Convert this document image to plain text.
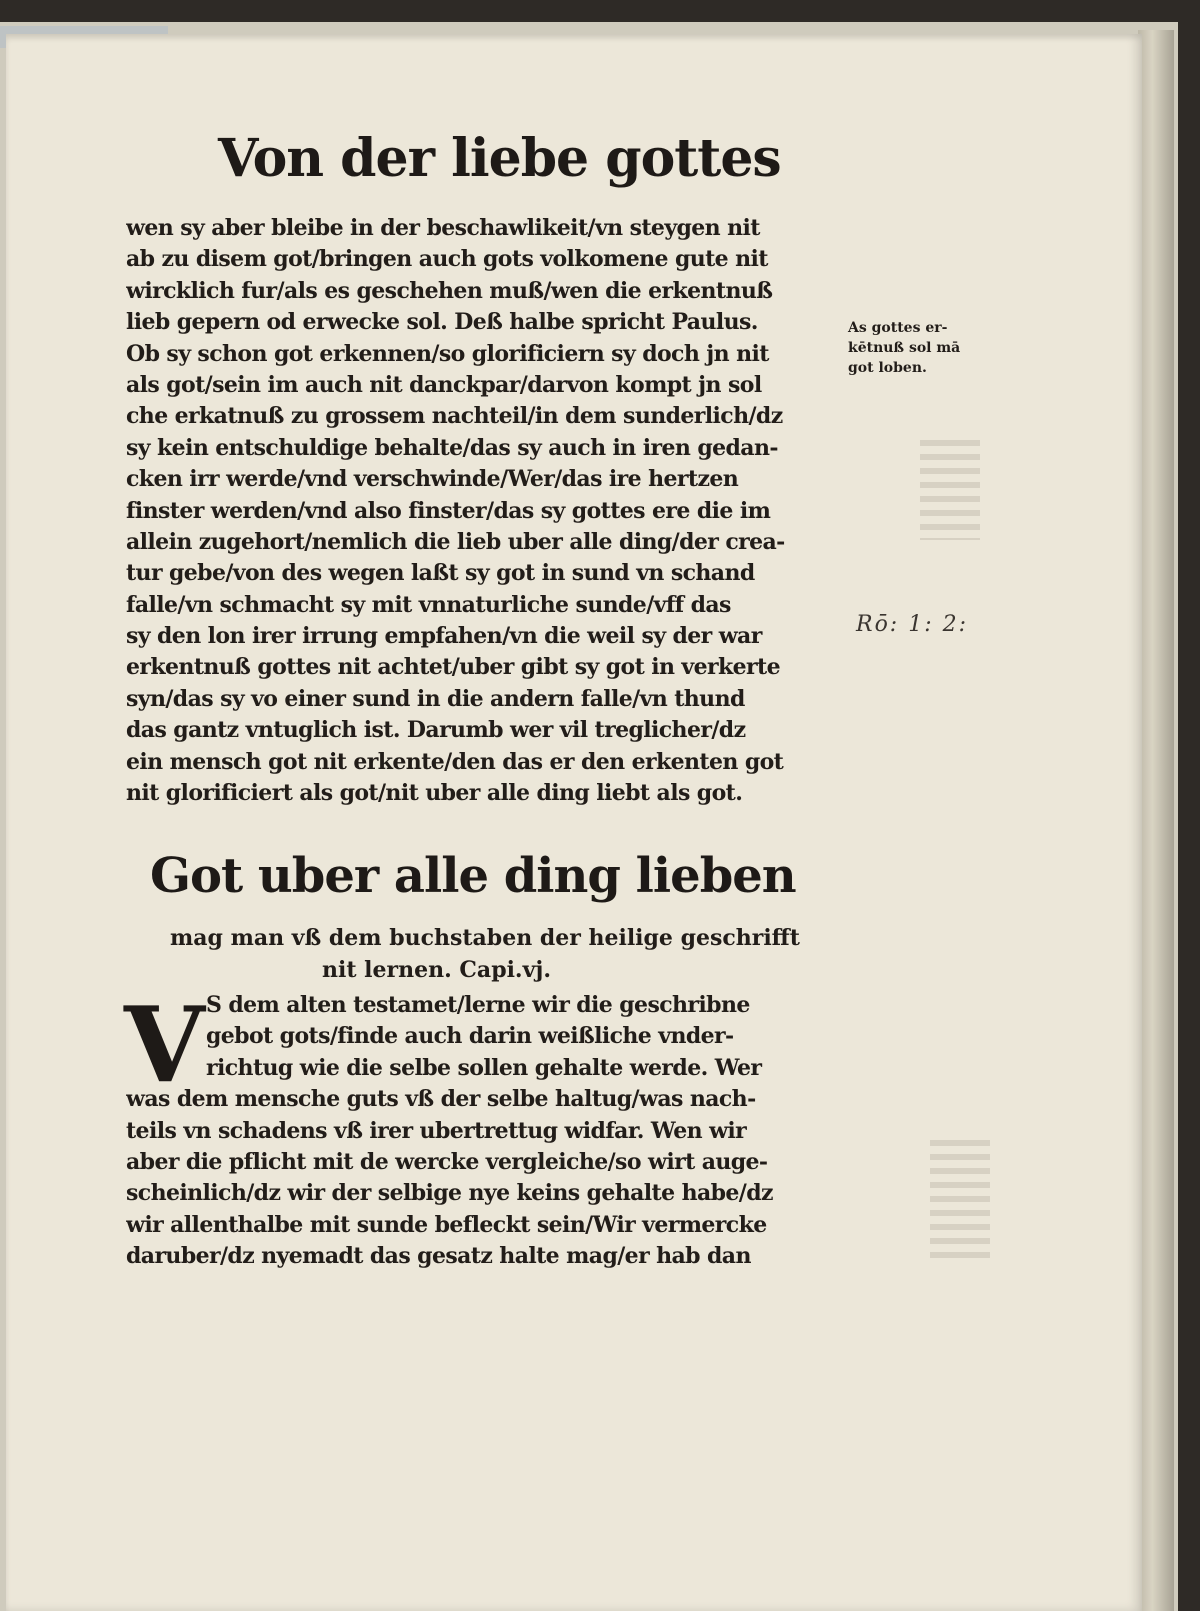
Von der liebe gottes
wen sy aber bleibe in der beschawlikeit/vn steygen nit
ab zu disem got/bringen auch gots volkomene gute nit
wircklich fur/als es geschehen muß/wen die erkentnuß
lieb gepern od erwecke sol. Deß halbe spricht Paulus.
Ob sy schon got erkennen/so glorificiern sy doch jn nit
als got/sein im auch nit danckpar/darvon kompt jn sol
che erkatnuß zu grossem nachteil/in dem sunderlich/dz
sy kein entschuldige behalte/das sy auch in iren gedan-
cken irr werde/vnd verschwinde/Wer/das ire hertzen
finster werden/vnd also finster/das sy gottes ere die im
allein zugehort/nemlich die lieb uber alle ding/der crea-
tur gebe/von des wegen laßt sy got in sund vn schand
falle/vn schmacht sy mit vnnaturliche sunde/vff das
sy den lon irer irrung empfahen/vn die weil sy der war
erkentnuß gottes nit achtet/uber gibt sy got in verkerte
syn/das sy vo einer sund in die andern falle/vn thund
das gantz vntuglich ist. Darumb wer vil treglicher/dz
ein mensch got nit erkente/den das er den erkenten got
nit glorificiert als got/nit uber alle ding liebt als got.
As gottes er-
kētnuß sol mā
got loben.
Rō: 1: 2:
Got uber alle ding lieben
mag man vß dem buchstaben der heilige geschrifft
nit lernen. Capi.vj.
V S dem alten testamet/lerne wir die geschribne
gebot gots/finde auch darin weißliche vnder-
richtug wie die selbe sollen gehalte werde. Wer
was dem mensche guts vß der selbe haltug/was nach-
teils vn schadens vß irer ubertrettug widfar. Wen wir
aber die pflicht mit de wercke vergleiche/so wirt auge-
scheinlich/dz wir der selbige nye keins gehalte habe/dz
wir allenthalbe mit sunde befleckt sein/Wir vermercke
daruber/dz nyemadt das gesatz halte mag/er hab dan
